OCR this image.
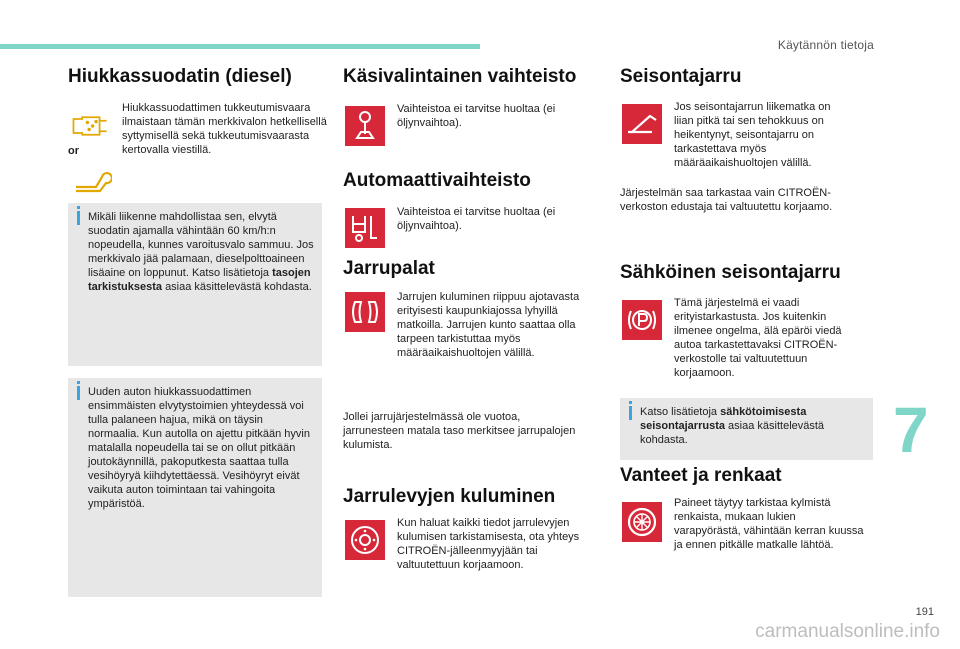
Käytännön tietoja
Hiukkassuodatin (diesel)
or
Hiukkassuodattimen tukkeutumisvaara ilmaistaan tämän merkkivalon hetkellisellä syttymisellä sekä tukkeutumisvaarasta kertovalla viestillä.
Mikäli liikenne mahdollistaa sen, elvytä suodatin ajamalla vähintään 60 km/h:n nopeudella, kunnes varoitusvalo sammuu. Jos merkkivalo jää palamaan, dieselpolttoaineen lisäaine on loppunut. Katso lisätietoja tasojen tarkistuksesta asiaa käsittelevästä kohdasta.
Uuden auton hiukkassuodattimen ensimmäisten elvytystoimien yhteydessä voi tulla palaneen hajua, mikä on täysin normaalia. Kun autolla on ajettu pitkään hyvin matalalla nopeudella tai se on ollut pitkään joutokäynnillä, pakoputkesta saattaa tulla vesihöyryä kiihdytettäessä. Vesihöyryt eivät vaikuta auton toimintaan tai vahingoita ympäristöä.
Käsivalintainen vaihteisto
Vaihteistoa ei tarvitse huoltaa (ei öljynvaihtoa).
Automaattivaihteisto
Vaihteistoa ei tarvitse huoltaa (ei öljynvaihtoa).
Jarrupalat
Jarrujen kuluminen riippuu ajotavasta erityisesti kaupunkiajossa lyhyillä matkoilla. Jarrujen kunto saattaa olla tarpeen tarkistuttaa myös määräaikaishuoltojen välillä.
Jollei jarrujärjestelmässä ole vuotoa, jarrunesteen matala taso merkitsee jarrupalojen kulumista.
Jarrulevyjen kuluminen
Kun haluat kaikki tiedot jarrulevyjen kulumisen tarkistamisesta, ota yhteys CITROËN-jälleenmyyjään tai valtuutettuun korjaamoon.
Seisontajarru
Jos seisontajarrun liikematka on liian pitkä tai sen tehokkuus on heikentynyt, seisontajarru on tarkastettava myös määräaikaishuoltojen välillä.
Järjestelmän saa tarkastaa vain CITROËN-verkoston edustaja tai valtuutettu korjaamo.
Sähköinen seisontajarru
Tämä järjestelmä ei vaadi erityistarkastusta. Jos kuitenkin ilmenee ongelma, älä epäröi viedä autoa tarkastettavaksi CITROËN-verkostolle tai valtuutettuun korjaamoon.
Katso lisätietoja sähkötoimisesta seisontajarrusta asiaa käsittelevästä kohdasta.
Vanteet ja renkaat
Paineet täytyy tarkistaa kylmistä renkaista, mukaan lukien varapyörästä, vähintään kerran kuussa ja ennen pitkälle matkalle lähtöä.
7
191
carmanualsonline.info
